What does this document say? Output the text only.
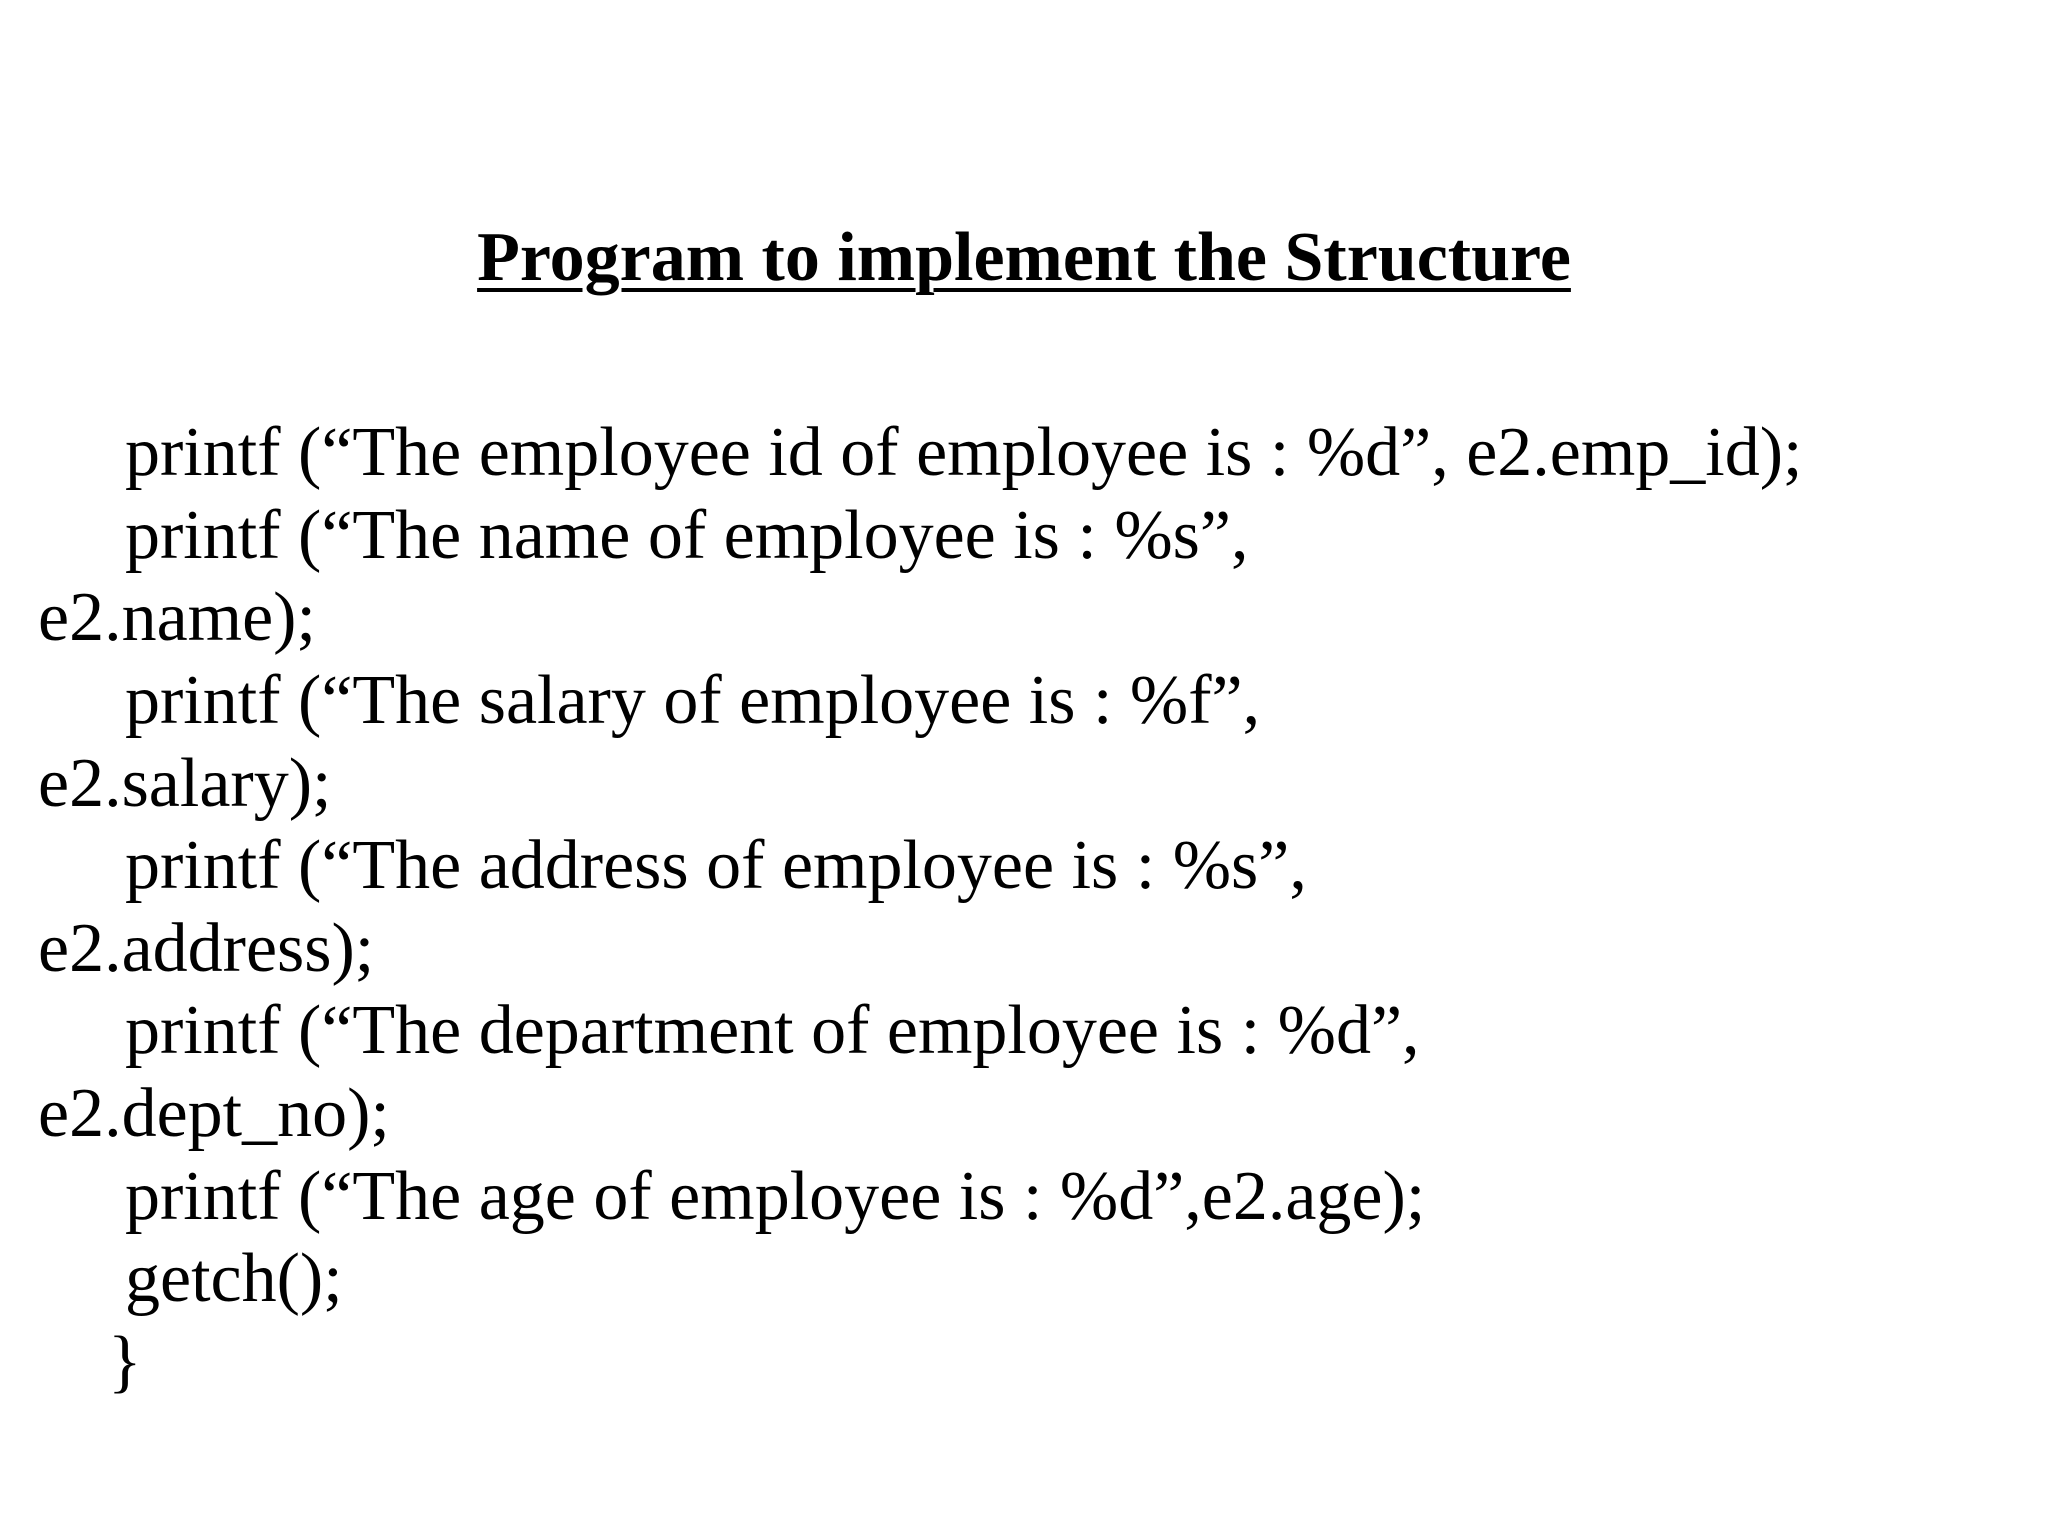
Program to implement the Structure
printf (“The employee id of employee is : %d”, e2.emp_id);
printf (“The name of employee is : %s”,
e2.name);
printf (“The salary of employee is : %f”,
e2.salary);
printf (“The address of employee is : %s”,
e2.address);
printf (“The department of employee is : %d”,
e2.dept_no);
printf (“The age of employee is : %d”,e2.age);
getch();
}
